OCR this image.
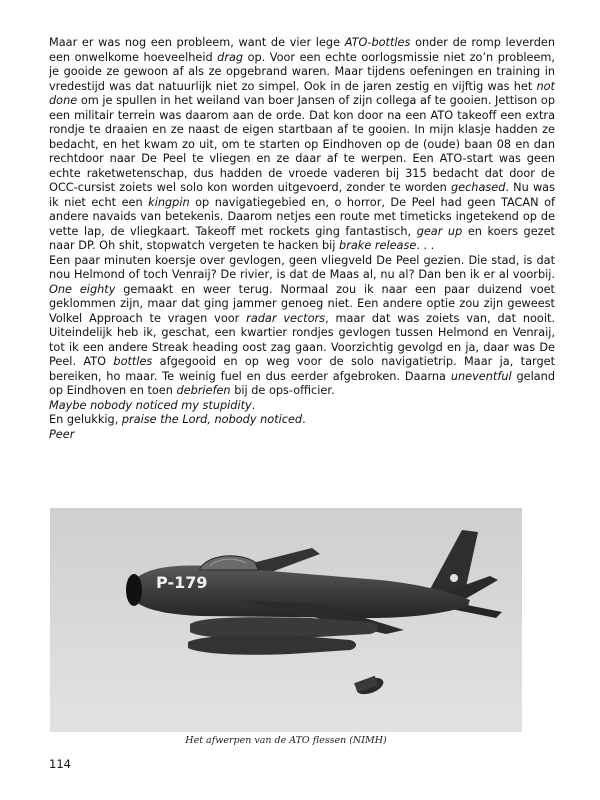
Maar er was nog een probleem, want de vier lege ATO-bottles onder de romp leverden een onwelkome hoeveelheid drag op. Voor een echte oorlogsmissie niet zo’n probleem, je gooide ze gewoon af als ze opgebrand waren. Maar tijdens oefeningen en training in vredestijd was dat natuurlijk niet zo simpel. Ook in de jaren zestig en vijftig was het not done om je spullen in het weiland van boer Jansen of zijn collega af te gooien. Jettison op een militair terrein was daarom aan de orde. Dat kon door na een ATO takeoff een extra rondje te draaien en ze naast de eigen startbaan af te gooien. In mijn klasje hadden ze bedacht, en het kwam zo uit, om te starten op Eindhoven op de (oude) baan 08 en dan rechtdoor naar De Peel te vliegen en ze daar af te werpen. Een ATO-start was geen echte raketwetenschap, dus hadden de vroede vaderen bij 315 bedacht dat door de OCC-cursist zoiets wel solo kon worden uitgevoerd, zonder te worden gechased. Nu was ik niet echt een kingpin op navigatiegebied en, o horror, De Peel had geen TACAN of andere navaids van betekenis. Daarom netjes een route met timeticks ingetekend op de vette lap, de vliegkaart. Takeoff met rockets ging fantastisch, gear up en koers gezet naar DP. Oh shit, stopwatch vergeten te hacken bij brake release. . .

Een paar minuten koersje over gevlogen, geen vliegveld De Peel gezien. Die stad, is dat nou Helmond of toch Venraij? De rivier, is dat de Maas al, nu al? Dan ben ik er al voorbij. One eighty gemaakt en weer terug. Normaal zou ik naar een paar duizend voet geklommen zijn, maar dat ging jammer genoeg niet. Een andere optie zou zijn geweest Volkel Approach te vragen voor radar vectors, maar dat was zoiets van, dat nooit. Uiteindelijk heb ik, geschat, een kwartier rondjes gevlogen tussen Helmond en Venraij, tot ik een andere Streak heading oost zag gaan. Voorzichtig gevolgd en ja, daar was De Peel. ATO bottles afgegooid en op weg voor de solo navigatietrip. Maar ja, target bereiken, ho maar. Te weinig fuel en dus eerder afgebroken. Daarna uneventful geland op Eindhoven en toen debriefen bij de ops-officier.

Maybe nobody noticed my stupidity.
En gelukkig, praise the Lord, nobody noticed.
Peer
P-179
Het afwerpen van de ATO flessen (NIMH)
114
